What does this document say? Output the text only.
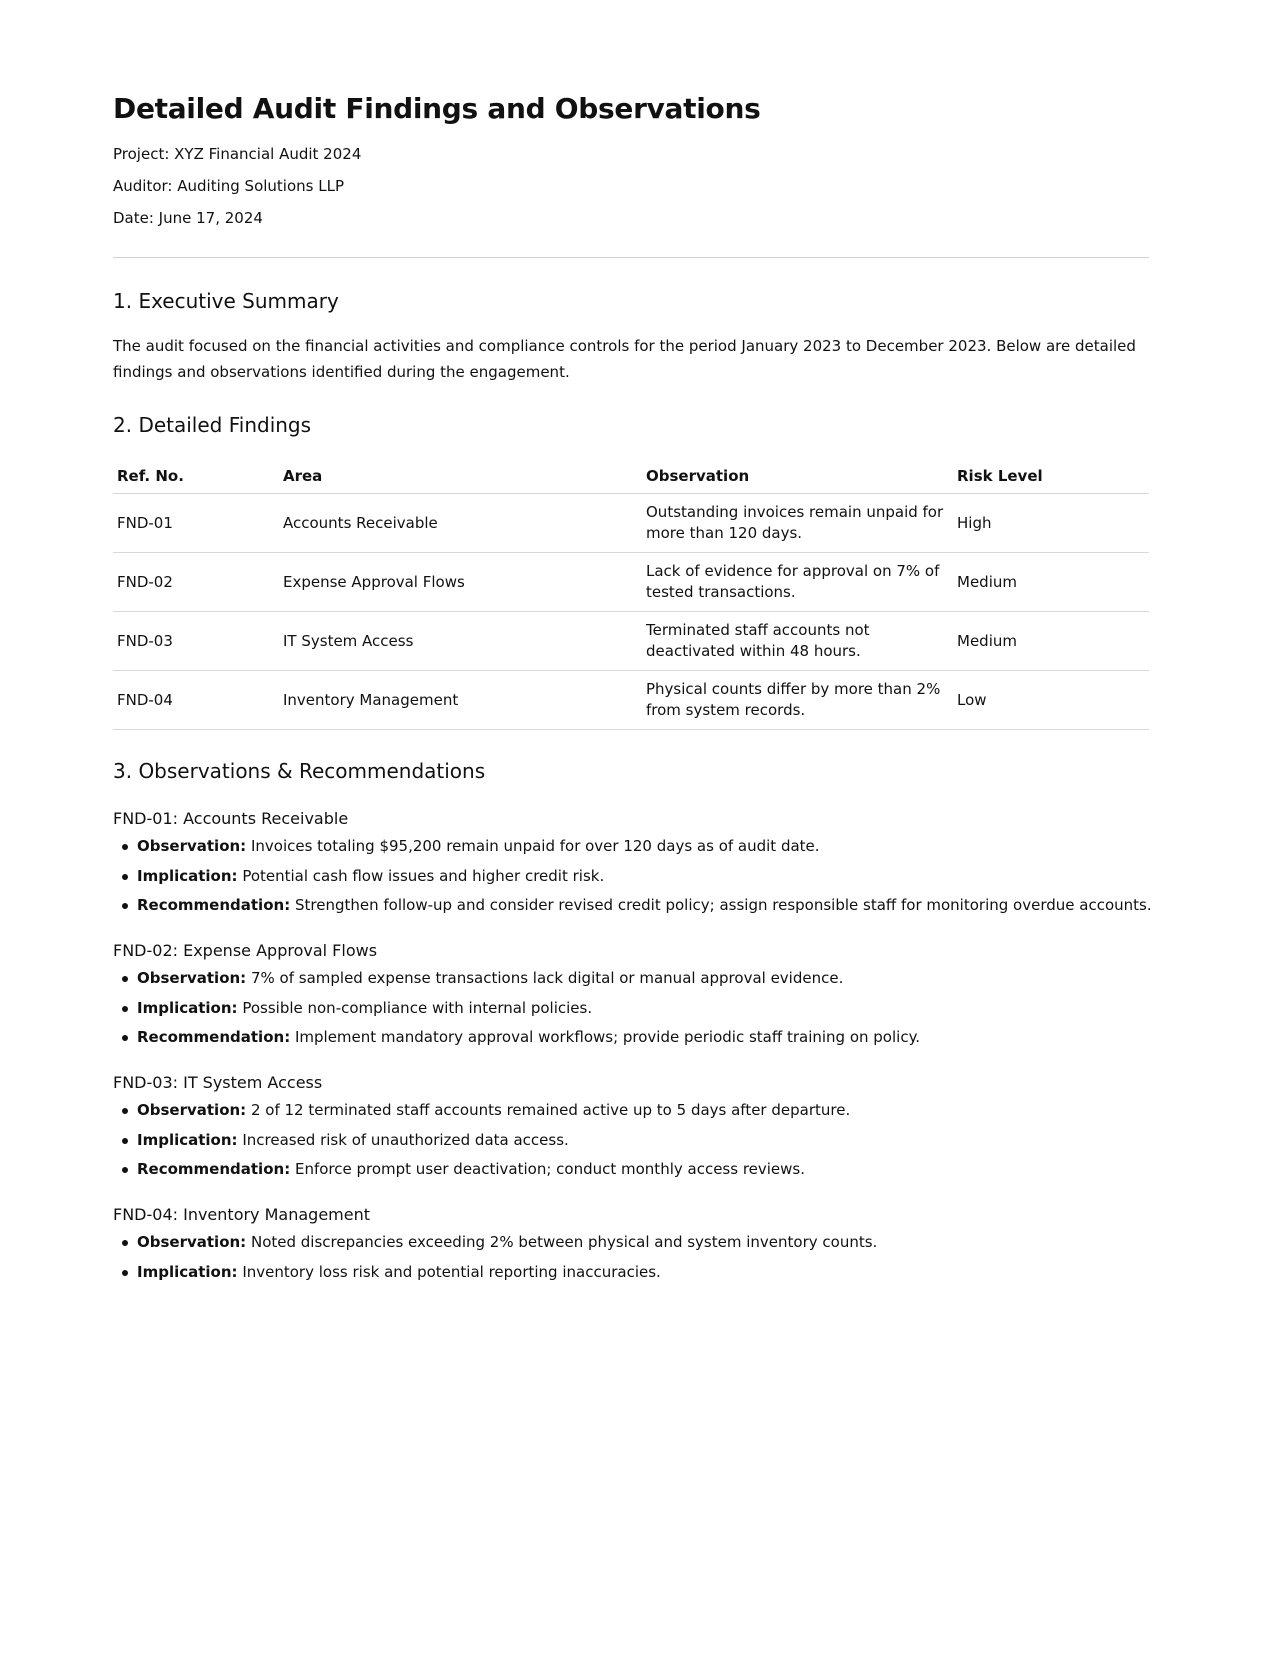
Detailed Audit Findings and Observations
Project: XYZ Financial Audit 2024
Auditor: Auditing Solutions LLP
Date: June 17, 2024
1. Executive Summary

The audit focused on the financial activities and compliance controls for the period January 2023 to December 2023. Below are detailed findings and observations identified during the engagement.

2. Detailed Findings
Ref. No.	Area	Observation	Risk Level
FND-01	Accounts Receivable	Outstanding invoices remain unpaid for more than 120 days.	High
FND-02	Expense Approval Flows	Lack of evidence for approval on 7% of tested transactions.	Medium
FND-03	IT System Access	Terminated staff accounts not deactivated within 48 hours.	Medium
FND-04	Inventory Management	Physical counts differ by more than 2% from system records.	Low
3. Observations & Recommendations
FND-01: Accounts Receivable
Observation: Invoices totaling $95,200 remain unpaid for over 120 days as of audit date.
Implication: Potential cash flow issues and higher credit risk.
Recommendation: Strengthen follow-up and consider revised credit policy; assign responsible staff for monitoring overdue accounts.
FND-02: Expense Approval Flows
Observation: 7% of sampled expense transactions lack digital or manual approval evidence.
Implication: Possible non-compliance with internal policies.
Recommendation: Implement mandatory approval workflows; provide periodic staff training on policy.
FND-03: IT System Access
Observation: 2 of 12 terminated staff accounts remained active up to 5 days after departure.
Implication: Increased risk of unauthorized data access.
Recommendation: Enforce prompt user deactivation; conduct monthly access reviews.
FND-04: Inventory Management
Observation: Noted discrepancies exceeding 2% between physical and system inventory counts.
Implication: Inventory loss risk and potential reporting inaccuracies.
